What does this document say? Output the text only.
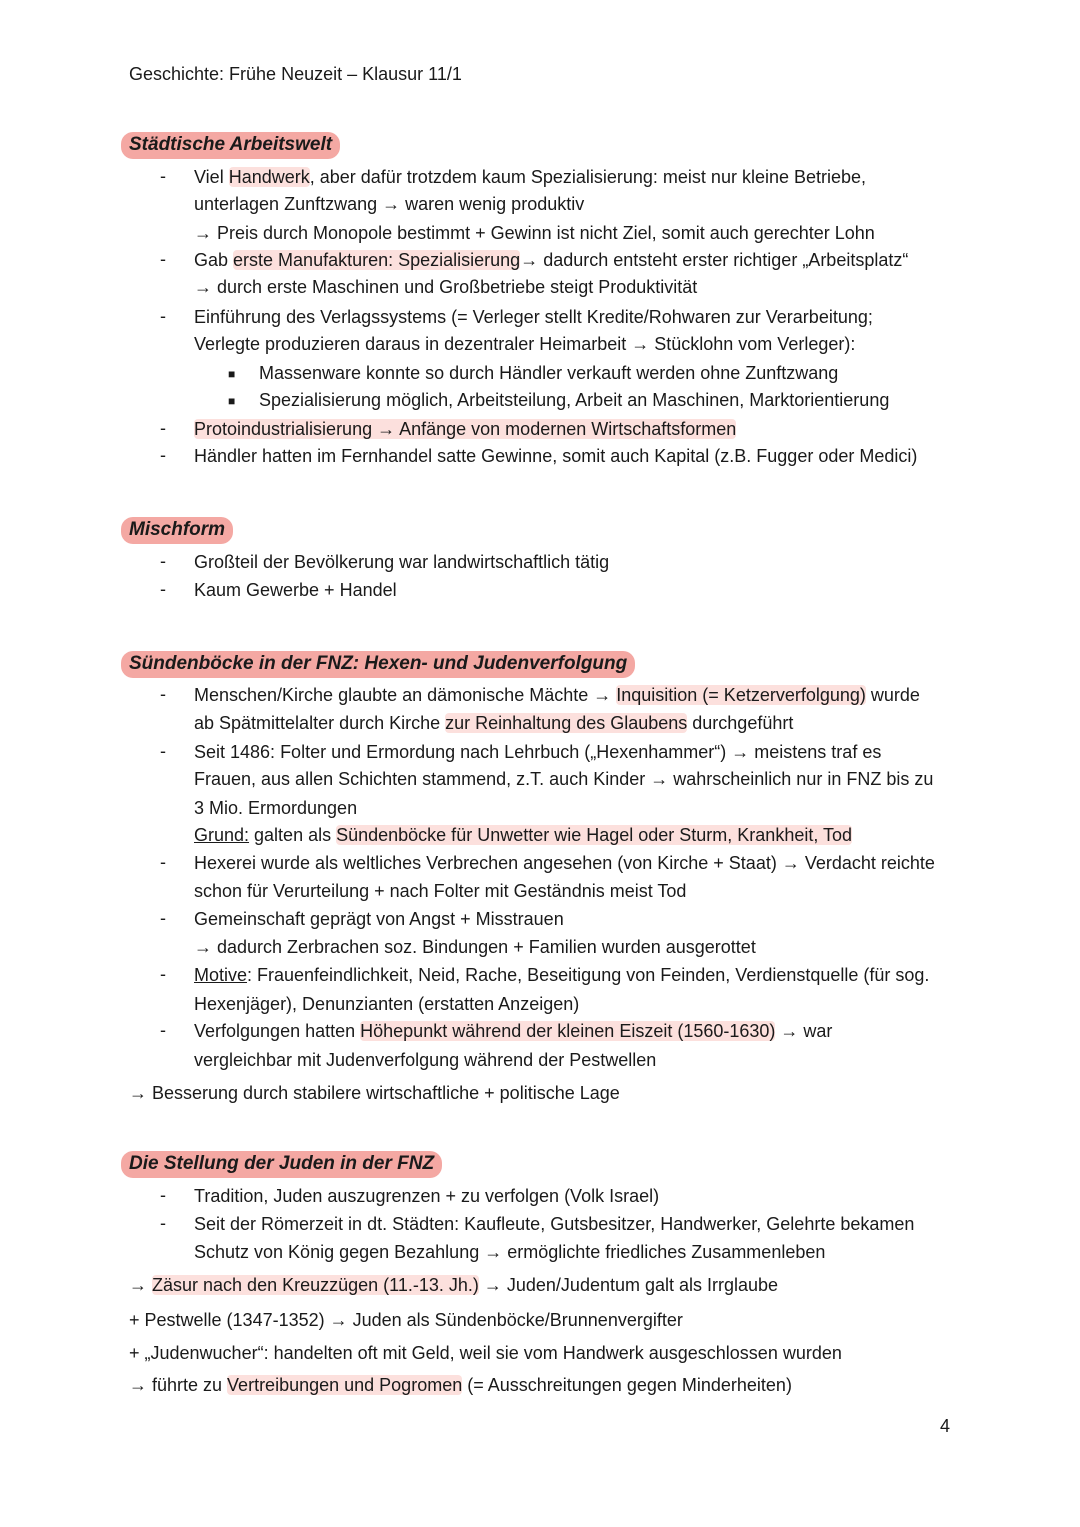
Geschichte: Frühe Neuzeit – Klausur 11/1
Städtische Arbeitswelt
- Viel Handwerk, aber dafür trotzdem kaum Spezialisierung: meist nur kleine Betriebe,
unterlagen Zunftzwang → waren wenig produktiv
→ Preis durch Monopole bestimmt + Gewinn ist nicht Ziel, somit auch gerechter Lohn
- Gab erste Manufakturen: Spezialisierung→ dadurch entsteht erster richtiger „Arbeitsplatz“
→ durch erste Maschinen und Großbetriebe steigt Produktivität
- Einführung des Verlagssystems (= Verleger stellt Kredite/Rohwaren zur Verarbeitung;
Verlegte produzieren daraus in dezentraler Heimarbeit → Stücklohn vom Verleger):
■ Massenware konnte so durch Händler verkauft werden ohne Zunftzwang
■ Spezialisierung möglich, Arbeitsteilung, Arbeit an Maschinen, Marktorientierung
- Protoindustrialisierung → Anfänge von modernen Wirtschaftsformen
- Händler hatten im Fernhandel satte Gewinne, somit auch Kapital (z.B. Fugger oder Medici)
Mischform
- Großteil der Bevölkerung war landwirtschaftlich tätig
- Kaum Gewerbe + Handel
Sündenböcke in der FNZ: Hexen- und Judenverfolgung
- Menschen/Kirche glaubte an dämonische Mächte → Inquisition (= Ketzerverfolgung) wurde
ab Spätmittelalter durch Kirche zur Reinhaltung des Glaubens durchgeführt
- Seit 1486: Folter und Ermordung nach Lehrbuch („Hexenhammer“) → meistens traf es
Frauen, aus allen Schichten stammend, z.T. auch Kinder → wahrscheinlich nur in FNZ bis zu
3 Mio. Ermordungen
Grund: galten als Sündenböcke für Unwetter wie Hagel oder Sturm, Krankheit, Tod
- Hexerei wurde als weltliches Verbrechen angesehen (von Kirche + Staat) → Verdacht reichte
schon für Verurteilung + nach Folter mit Geständnis meist Tod
- Gemeinschaft geprägt von Angst + Misstrauen
→ dadurch Zerbrachen soz. Bindungen + Familien wurden ausgerottet
- Motive: Frauenfeindlichkeit, Neid, Rache, Beseitigung von Feinden, Verdienstquelle (für sog.
Hexenjäger), Denunzianten (erstatten Anzeigen)
- Verfolgungen hatten Höhepunkt während der kleinen Eiszeit (1560-1630) → war
vergleichbar mit Judenverfolgung während der Pestwellen
→ Besserung durch stabilere wirtschaftliche + politische Lage
Die Stellung der Juden in der FNZ
- Tradition, Juden auszugrenzen + zu verfolgen (Volk Israel)
- Seit der Römerzeit in dt. Städten: Kaufleute, Gutsbesitzer, Handwerker, Gelehrte bekamen
Schutz von König gegen Bezahlung → ermöglichte friedliches Zusammenleben
→ Zäsur nach den Kreuzzügen (11.-13. Jh.) → Juden/Judentum galt als Irrglaube
+ Pestwelle (1347-1352) → Juden als Sündenböcke/Brunnenvergifter
+ „Judenwucher“: handelten oft mit Geld, weil sie vom Handwerk ausgeschlossen wurden
→ führte zu Vertreibungen und Pogromen (= Ausschreitungen gegen Minderheiten)
4
